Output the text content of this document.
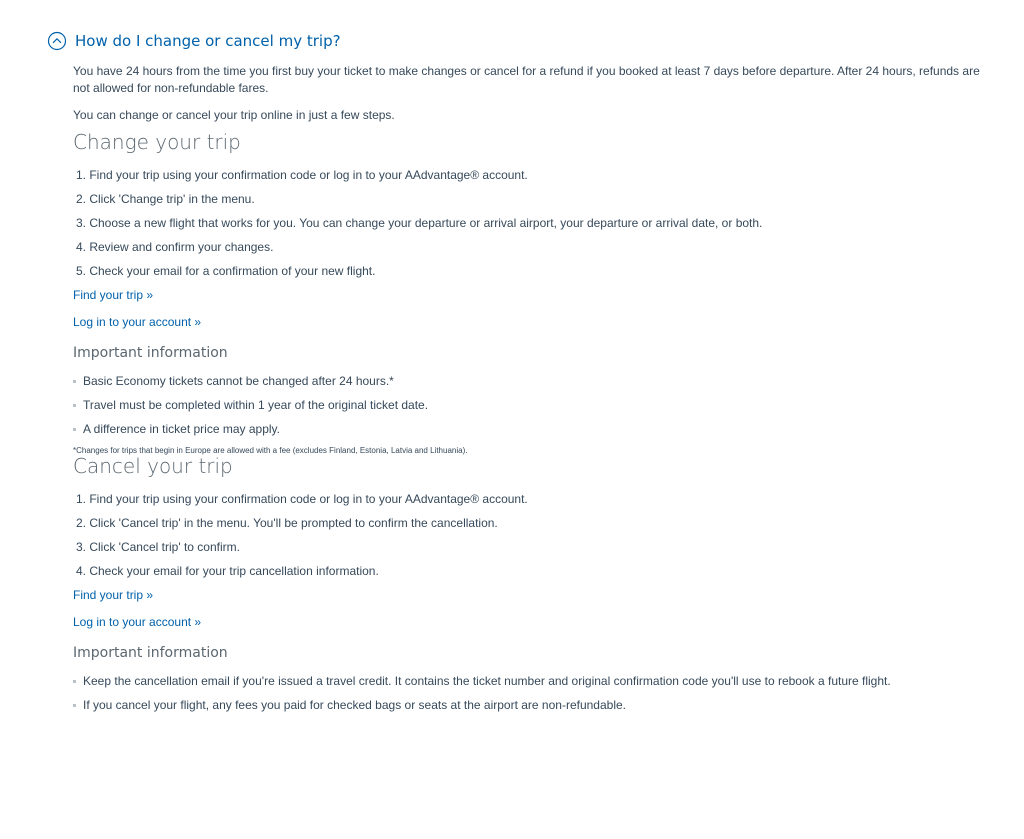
How do I change or cancel my trip?

You have 24 hours from the time you first buy your ticket to make changes or cancel for a refund if you booked at least 7 days before departure. After 24 hours, refunds are not allowed for non-refundable fares.

You can change or cancel your trip online in just a few steps.

Change your trip
1. Find your trip using your confirmation code or log in to your AAdvantage® account.
2. Click 'Change trip' in the menu.
3. Choose a new flight that works for you. You can change your departure or arrival airport, your departure or arrival date, or both.
4. Review and confirm your changes.
5. Check your email for a confirmation of your new flight.
Find your trip »
Log in to your account »
Important information
Basic Economy tickets cannot be changed after 24 hours.*
Travel must be completed within 1 year of the original ticket date.
A difference in ticket price may apply.
*Changes for trips that begin in Europe are allowed with a fee (excludes Finland, Estonia, Latvia and Lithuania).
Cancel your trip
1. Find your trip using your confirmation code or log in to your AAdvantage® account.
2. Click 'Cancel trip' in the menu. You'll be prompted to confirm the cancellation.
3. Click 'Cancel trip' to confirm.
4. Check your email for your trip cancellation information.
Find your trip »
Log in to your account »
Important information
Keep the cancellation email if you're issued a travel credit. It contains the ticket number and original confirmation code you'll use to rebook a future flight.
If you cancel your flight, any fees you paid for checked bags or seats at the airport are non-refundable.
